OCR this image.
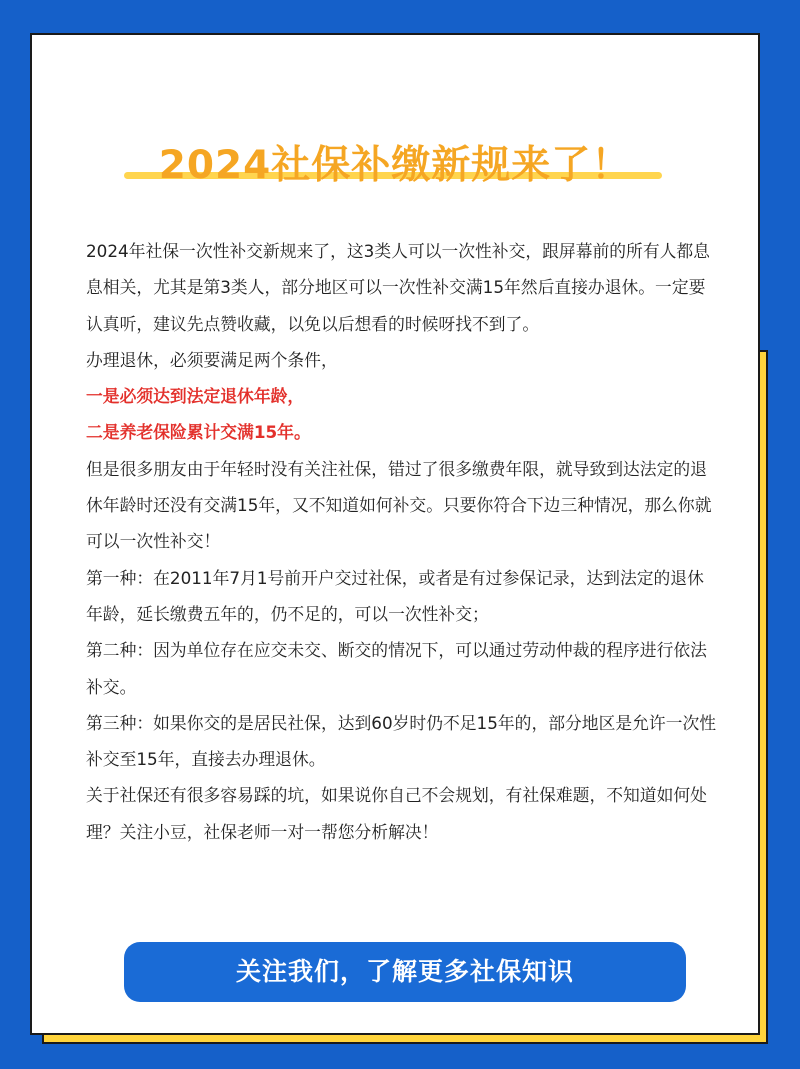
2024社保补缴新规来了！

2024年社保一次性补交新规来了，这3类人可以一次性补交，跟屏幕前的所有人都息息相关，尤其是第3类人，部分地区可以一次性补交满15年然后直接办退休。一定要认真听，建议先点赞收藏，以免以后想看的时候呀找不到了。

办理退休，必须要满足两个条件，

一是必须达到法定退休年龄，

二是养老保险累计交满15年。

但是很多朋友由于年轻时没有关注社保，错过了很多缴费年限，就导致到达法定的退休年龄时还没有交满15年，又不知道如何补交。只要你符合下边三种情况，那么你就可以一次性补交！

第一种：在2011年7月1号前开户交过社保，或者是有过参保记录，达到法定的退休年龄，延长缴费五年的，仍不足的，可以一次性补交；

第二种：因为单位存在应交未交、断交的情况下，可以通过劳动仲裁的程序进行依法补交。

第三种：如果你交的是居民社保，达到60岁时仍不足15年的，部分地区是允许一次性补交至15年，直接去办理退休。

关于社保还有很多容易踩的坑，如果说你自己不会规划，有社保难题，不知道如何处理？关注小豆，社保老师一对一帮您分析解决！

关注我们，了解更多社保知识
